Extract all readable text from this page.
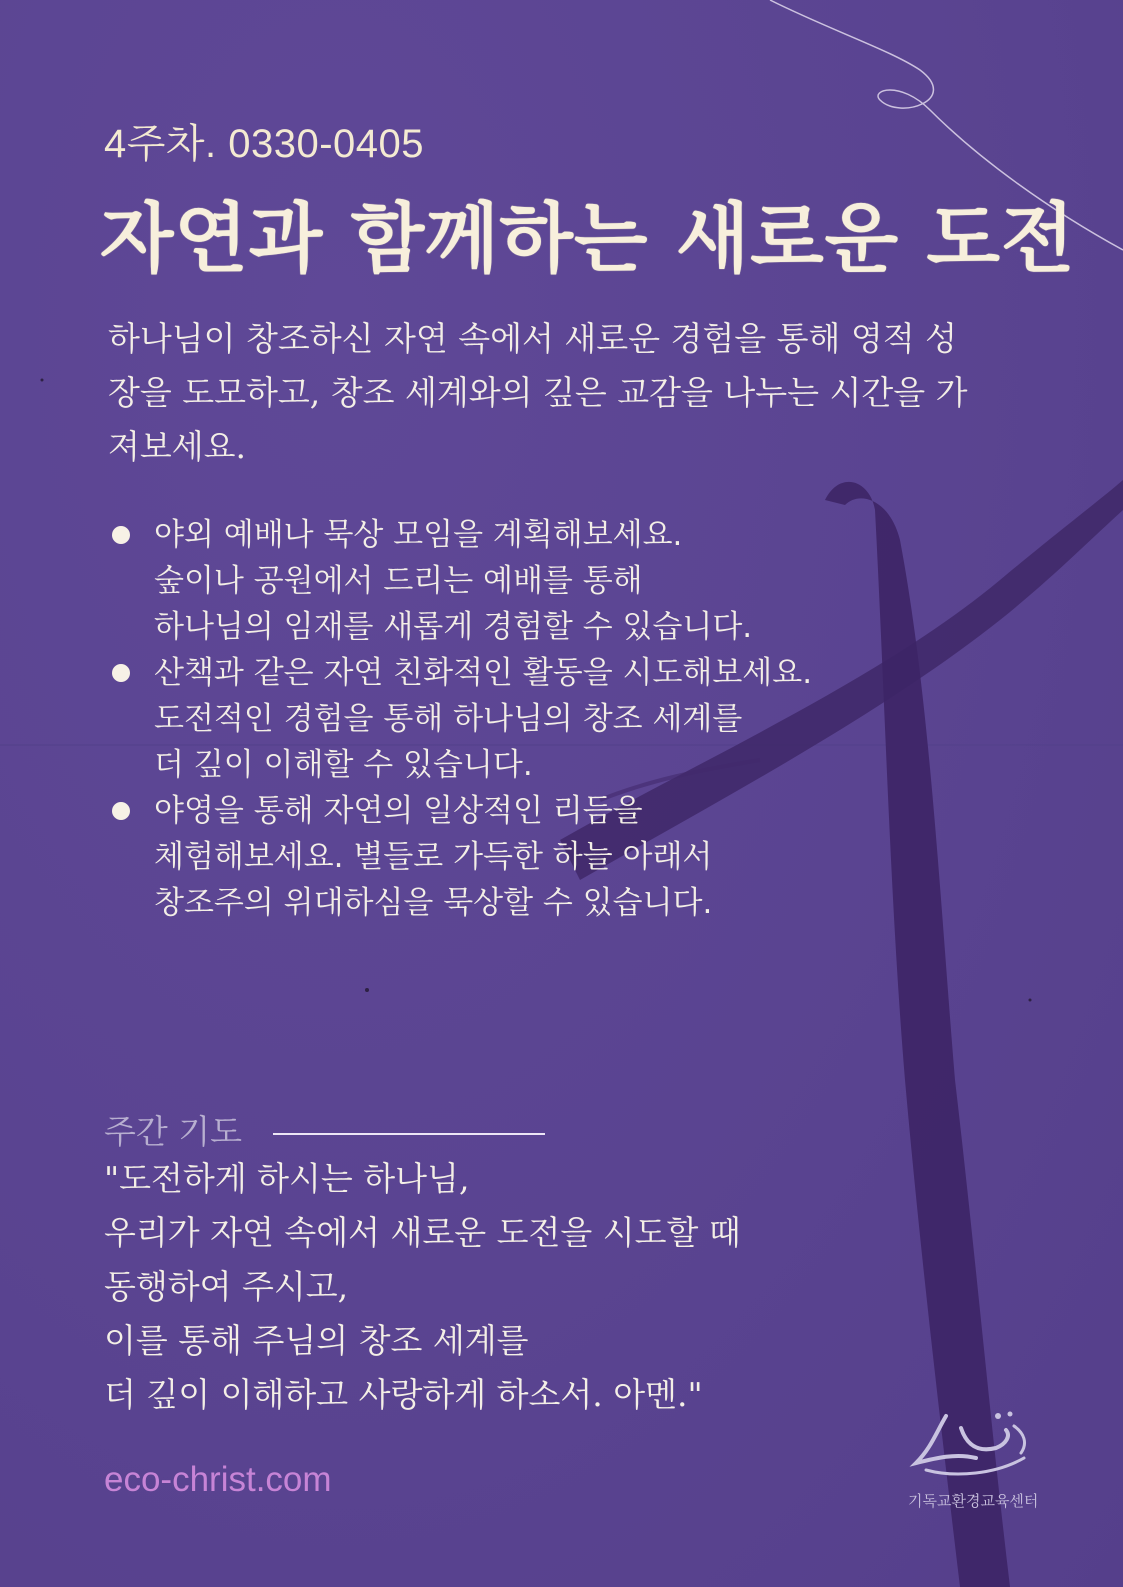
4주차. 0330-0405
자연과 함께하는 새로운 도전
하나님이 창조하신 자연 속에서 새로운 경험을 통해 영적 성장을 도모하고, 창조 세계와의 깊은 교감을 나누는 시간을 가져보세요.
야외 예배나 묵상 모임을 계획해보세요.
숲이나 공원에서 드리는 예배를 통해
하나님의 임재를 새롭게 경험할 수 있습니다.
산책과 같은 자연 친화적인 활동을 시도해보세요.
도전적인 경험을 통해 하나님의 창조 세계를
더 깊이 이해할 수 있습니다.
야영을 통해 자연의 일상적인 리듬을
체험해보세요. 별들로 가득한 하늘 아래서
창조주의 위대하심을 묵상할 수 있습니다.
주간 기도
"도전하게 하시는 하나님,
우리가 자연 속에서 새로운 도전을 시도할 때
동행하여 주시고,
이를 통해 주님의 창조 세계를
더 깊이 이해하고 사랑하게 하소서. 아멘."
eco-christ.com
기독교환경교육센터
